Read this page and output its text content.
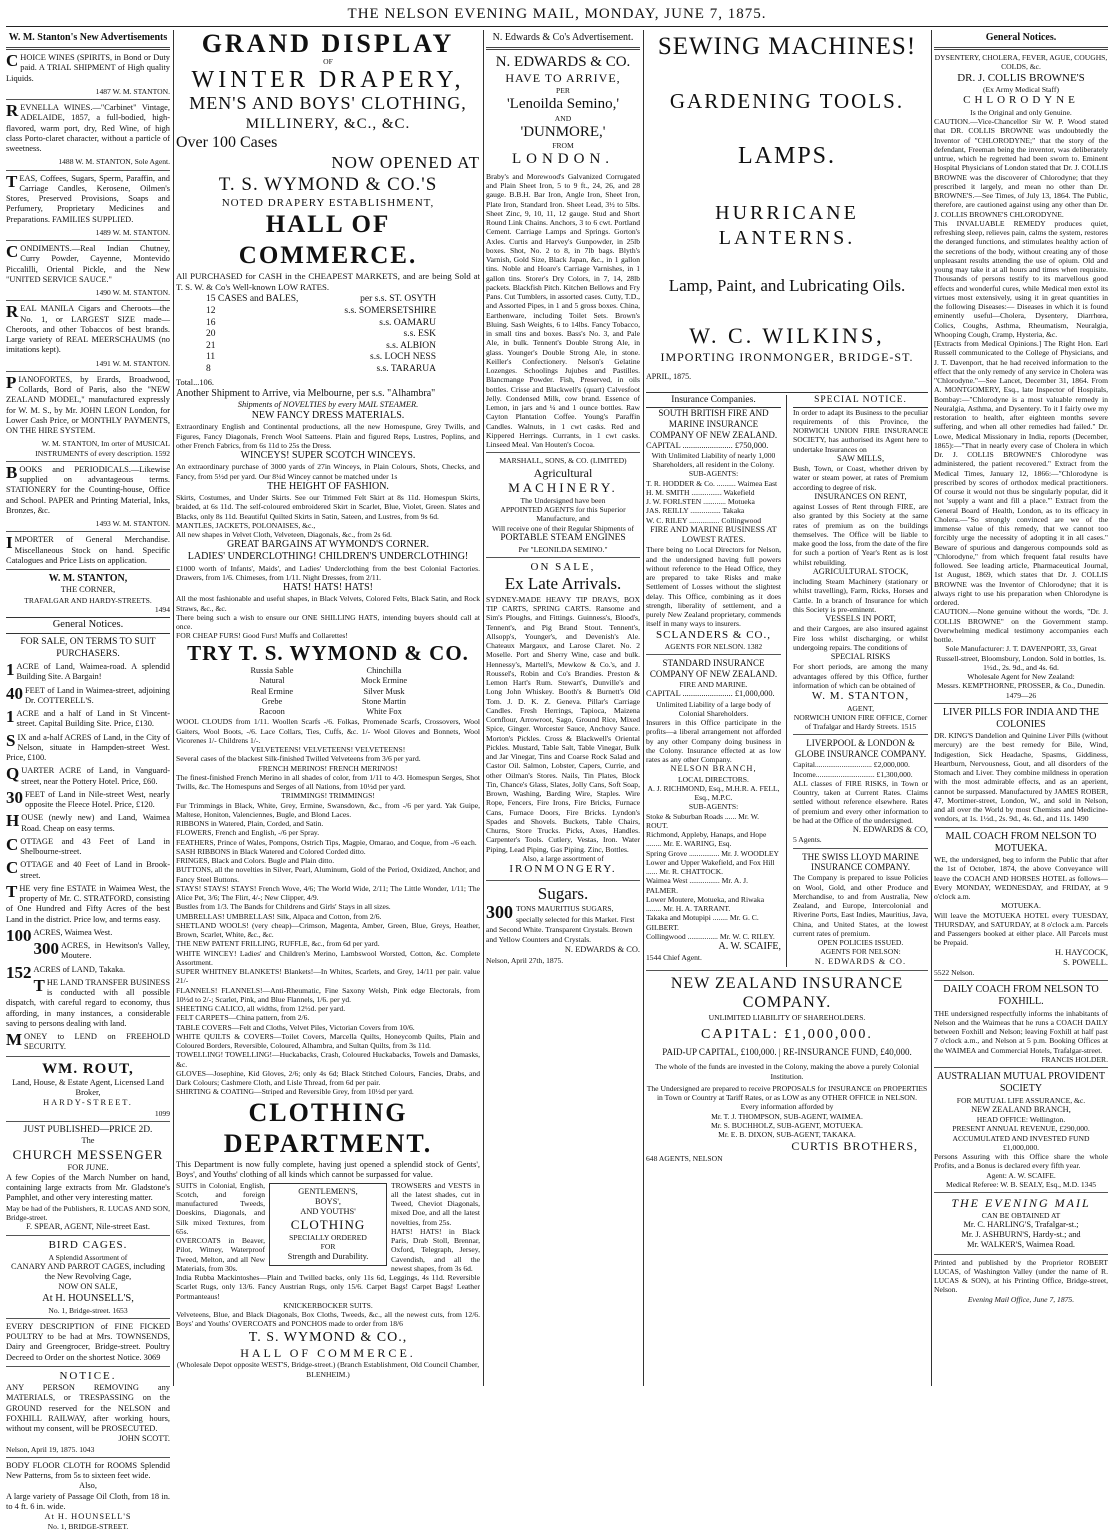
THE NELSON EVENING MAIL, MONDAY, JUNE 7, 1875.
W. M. Stanton's New Advertisements
CHOICE WINES (SPIRITS, in Bond or Duty paid. A TRIAL SHIPMENT of High quality Liquids.
1487 W. M. STANTON.
REVNELLA WINES.—"Carbinet" Vintage, ADELAIDE, 1857, a full-bodied, high-flavored, warm port, dry, Red Wine, of high class Porto-claret character, without a particle of sweetness.
1488 W. M. STANTON, Sole Agent.
TEAS, Coffees, Sugars, Sperm, Paraffin, and Carriage Candles, Kerosene, Oilmen's Stores, Preserved Provisions, Soaps and Perfumery, Proprietary Medicines and Preparations. FAMILIES SUPPLIED.
1489 W. M. STANTON.
CONDIMENTS.—Real Indian Chutney, Curry Powder, Cayenne, Montevido Piccalilli, Oriental Pickle, and the New "UNITED SERVICE SAUCE."
1490 W. M. STANTON.
REAL MANILA Cigars and Cheroots—the No. 1, or LARGEST SIZE made—Cheroots, and other Tobaccos of best brands. Large variety of REAL MEERSCHAUMS (no imitations kept).
1491 W. M. STANTON.
PIANOFORTES, by Erards, Broadwood, Collards, Bord of Paris, also the "NEW ZEALAND MODEL," manufactured expressly for W. M. S., by Mr. JOHN LEON London, for Lower Cash Price, or MONTHLY PAYMENTS, ON THE HIRE SYSTEM.
W. M. STANTON, Im orter of MUSICAL INSTRUMENTS of every description. 1592
BOOKS and PERIODICALS.—Likewise supplied on advantageous terms. STATIONERY for the Counting-house, Office and School. PAPER and Printing Material, Inks, Bronzes, &c.
1493 W. M. STANTON.
IMPORTER of General Merchandise. Miscellaneous Stock on hand. Specific Catalogues and Price Lists on application.
W. M. STANTON,
THE CORNER,
TRAFALGAR AND HARDY-STREETS.
1494
General Notices.
FOR SALE, ON TERMS TO SUIT PURCHASERS.
1 ACRE of Land, Waimea-road. A splendid Building Site. A Bargain!
40 FEET of Land in Waimea-street, adjoining Dr. COTTERELL'S.
1 ACRE and a half of Land in St Vincent-street. Capital Building Site. Price, £130.
SIX and a-half ACRES of Land, in the City of Nelson, situate in Hampden-street West. Price, £100.
QUARTER ACRE of Land, in Vanguard-street, near the Pottery Hotel. Price, £60.
30 FEET of Land in Nile-street West, nearly opposite the Fleece Hotel. Price, £120.
HOUSE (newly new) and Land, Waimea Road. Cheap on easy terms.
COTTAGE and 43 Feet of Land in Shelbourne-street.
COTTAGE and 40 Feet of Land in Brook-street.
THE very fine ESTATE in Waimea West, the property of Mr. C. STRATFORD, consisting of One Hundred and Fifty Acres of the best Land in the district. Price low, and terms easy.
100 ACRES, Waimea West.
300 ACRES, in Hewitson's Valley, Moutere.
152 ACRES of LAND, Takaka.
THE LAND TRANSFER BUSINESS is conducted with all possible dispatch, with careful regard to economy, thus affording, in many instances, a considerable saving to persons dealing with land.
MONEY to LEND on FREEHOLD SECURITY.
WM. ROUT,
Land, House, & Estate Agent, Licensed Land Broker,
HARDY-STREET.
1099
JUST PUBLISHED—PRICE 2D.
The
CHURCH MESSENGER
FOR JUNE.
A few Copies of the March Number on hand, containing large extracts from Mr. Gladstone's Pamphlet, and other very interesting matter.
May be had of the Publishers, R. LUCAS AND SON, Bridge-street.
F. SPEAR, AGENT, Nile-street East.
BIRD CAGES.
A Splendid Assortment of
CANARY AND PARROT CAGES, including the New Revolving Cage,
NOW ON SALE,
At H. HOUNSELL'S,
No. 1, Bridge-street. 1653
EVERY DESCRIPTION of FINE FICKED POULTRY to be had at Mrs. TOWNSENDS, Dairy and Greengrocer, Bridge-street. Poultry Decreed to Order on the shortest Notice. 3069
NOTICE.
ANY PERSON REMOVING any MATERIALS, or TRESPASSING on the GROUND reserved for the NELSON and FOXHILL RAILWAY, after working hours, without my consent, will be PROSECUTED.
JOHN SCOTT.
Nelson, April 19, 1875. 1043
BODY FLOOR CLOTH for ROOMS Splendid New Patterns, from 5s to sixteen feet wide.
Also,
A large variety of Passage Oil Cloth, from 18 in. to 4 ft. 6 in. wide.
At H. HOUNSELL'S
No. 1, BRIDGE-STREET.
GRAND DISPLAY
OF
WINTER DRAPERY,
MEN'S AND BOYS' CLOTHING,
MILLINERY, &C., &C.
Over 100 Cases
NOW OPENED AT
T. S. WYMOND & CO.'S
NOTED DRAPERY ESTABLISHMENT,
HALL OF COMMERCE.
All PURCHASED for CASH in the CHEAPEST MARKETS, and are being Sold at T. S. W. & Co's Well-known LOW RATES.
15 CASES and BALES,	per s.s. ST. OSYTH
12	s.s. SOMERSETSHIRE
16	s.s. OAMARU
20	s.s. ESK
21	s.s. ALBION
11	s.s. LOCH NESS
8	s.s. TARARUA
Total...106.
Another Shipment to Arrive, via Melbourne, per s.s. "Alhambra"
Shipments of NOVELTIES by every MAIL STEAMER.
NEW FANCY DRESS MATERIALS.
Extraordinary English and Continental productions, all the new Homespune, Grey Twills, and Figures, Fancy Diagonals, French Wool Satteens. Plain and figured Reps, Lustres, Poplins, and other French Fabrics, from 6s 11d to 25s the Dress.
WINCEYS! SUPER SCOTCH WINCEYS.
An extraordinary purchase of 3000 yards of 27in Winceys, in Plain Colours, Shots, Checks, and Fancy, from 5½d per yard. Our 8¼d Wincey cannot be matched under 1s
THE HEIGHT OF FASHION.
Skirts, Costumes, and Under Skirts. See our Trimmed Felt Skirt at 8s 11d. Homespun Skirts, braided, at 6s 11d. The self-coloured embroidered Skirt in Scarlet, Blue, Violet, Green. Slates and Blacks, only 8s 11d. Beautiful Quilted Skirts in Satin, Sateen, and Lustres, from 9s 6d.
MANTLES, JACKETS, POLONAISES, &c.,
All new shapes in Velvet Cloth, Velveteen, Diagonals, &c., from 2s 6d.
GREAT BARGAINS AT WYMOND'S CORNER.
LADIES' UNDERCLOTHING! CHILDREN'S UNDERCLOTHING!
£1000 worth of Infants', Maids', and Ladies' Underclothing from the best Colonial Factories. Drawers, from 1/6. Chimeses, from 1/11. Night Dresses, from 2/11.
HATS! HATS! HATS!
All the most fashionable and useful shapes, in Black Velvets, Colored Felts, Black Satin, and Rock Straws, &c., &c.
There being such a wish to ensure our ONE SHILLING HATS, intending buyers should call at once.
FOR CHEAP FURS! Good Furs! Muffs and Collarettes!
TRY T. S. WYMOND & CO.
Russia Sable	Chinchilla
Natural	Mock Ermine
Real Ermine	Silver Musk
Grebe	Stone Martin
Racoon	White Fox
WOOL CLOUDS from 1/11. Woollen Scarfs -/6. Folkas, Promenade Scarfs, Crossovers, Wool Gaiters, Wool Boots, -/6. Lace Collars, Ties, Cuffs, &c. 1/- Wool Gloves and Bonnets, Wool Vicorenes 1/- Childrens 1/-.
VELVETEENS! VELVETEENS! VELVETEENS!
Several cases of the blackest Silk-finished Twilled Velveteens from 3/6 per yard.
FRENCH MERINOS! FRENCH MERINOS!
The finest-finished French Merino in all shades of color, from 1/11 to 4/3. Homespun Serges, Shot Twills, &c. The Homespuns and Serges of all Nations, from 10½d per yard.
TRIMMINGS! TRIMMINGS!
Fur Trimmings in Black, White, Grey, Ermine, Swansdown, &c., from -/6 per yard. Yak Guipe, Maltese, Honiton, Valenciennes, Bugle, and Blond Laces.
RIBBONS in Watered, Plain, Corded, and Satin.
FLOWERS, French and English, -/6 per Spray.
FEATHERS, Prince of Wales, Pompons, Ostrich Tips, Magpie, Omarao, and Coque, from -/6 each.
SASH RIBBONS in Black Watered and Colored Corded ditto.
FRINGES, Black and Colors. Bugle and Plain ditto.
BUTTONS, all the novelties in Silver, Pearl, Aluminum, Gold of the Period, Oxidized, Anchor, and Fancy Steel Buttons.
STAYS! STAYS! STAYS! French Wove, 4/6; The World Wide, 2/11; The Little Wonder, 1/11; The Alice Pet, 3/6; The Flirt, 4/-; New Clipper, 4/9.
Bustles from 1/3. The Bands for Childrens and Girls' Stays in all sizes.
UMBRELLAS! UMBRELLAS! Silk, Alpaca and Cotton, from 2/6.
SHETLAND WOOLS! (very cheap)—Crimson, Magenta, Amber, Green, Blue, Greys, Heather, Brown, Scarlet, White, &c., &c.
THE NEW PATENT FRILLING, RUFFLE, &c., from 6d per yard.
WHITE WINCEY! Ladies' and Children's Merino, Lambswool Worsted, Cotton, &c. Complete Assortment.
SUPER WHITNEY BLANKETS! Blankets!—In Whites, Scarlets, and Grey, 14/11 per pair. value 21/-
FLANNELS! FLANNELS!—Anti-Rheumatic, Fine Saxony Welsh, Pink edge Electorals, from 10½d to 2/-; Scarlet, Pink, and Blue Flannels, 1/6. per yd.
SHEETING CALICO, all widths, from 12½d. per yard.
FELT CARPETS—China pattern, from 2/6.
TABLE COVERS—Felt and Cloths, Velvet Piles, Victorian Covers from 10/6.
WHITE QUILTS & COVERS—Toilet Covers, Marcella Quilts, Honeycomb Quilts, Plain and Coloured Borders, Reversible, Coloured, Alhambra, and Sultan Quilts, from 3s 11d.
TOWELLING! TOWELLING!—Huckabacks, Crash, Coloured Huckabacks, Towels and Damasks, &c.
GLOVES—Josephine, Kid Gloves, 2/6; only 4s 6d; Black Stitched Colours, Fancies, Drabs, and Dark Colours; Cashmere Cloth, and Lisle Thread, from 6d per pair.
SHIRTING & COATING—Striped and Reversible Grey, from 10½d per yard.
CLOTHING DEPARTMENT.
This Department is now fully complete, having just opened a splendid stock of Gents', Boys', and Youths' clothing of all kinds which cannot be surpassed for value.
SUITS in Colonial, English, Scotch, and foreign manufactured Tweeds, Doeskins, Diagonals, and Silk mixed Textures, from 65s.
OVERCOATS in Beaver, Pilot, Witney, Waterproof Tweed, Melton, and all New Materials, from 30s.
GENTLEMEN'S,
BOYS',
AND YOUTHS'
CLOTHING
SPECIALLY ORDERED
FOR
Strength and Durability.
TROWSERS and VESTS in all the latest shades, cut in Tweed, Cheviot Diagonals, mixed Doe, and all the latest novelties, from 25s.
HATS! HATS! in Black Paris, Drab Stoll, Brennar, Oxford, Telegraph, Jersey, Cavendish, and all the newest shapes, from 3s 6d.
India Rubba Mackintoshes—Plain and Twilled backs, only 11s 6d, Leggings, 4s 11d. Reversible Scarlet Rugs, only 13/6. Fancy Austrian Rugs, only 15/6. Carpet Bags! Carpet Bags! Leather Portmanteaus!
KNICKERBOCKER SUITS.
Velveteens, Blue, and Black Diagonals, Box Cloths, Tweeds, &c., all the newest cuts, from 12/6. Boys' and Youths' OVERCOATS and PONCHOS made to order from 18/6
T. S. WYMOND & CO.,
HALL OF COMMERCE.
(Wholesale Depot opposite WEST'S, Bridge-street.) (Branch Establishment, Old Council Chamber, BLENHEIM.)
N. Edwards & Co's Advertisement.
N. EDWARDS & CO.
HAVE TO ARRIVE,
PER
'Lenoilda Semino,'
AND
'DUNMORE,'
FROM
LONDON.
Braby's and Morewood's Galvanized Corrugated and Plain Sheet Iron, 5 to 9 ft., 24, 26, and 28 gauge. B.B.H. Bar Iron, Angle Iron, Sheet Iron, Plate Iron, Standard Iron. Sheet Lead, 3½ to 5lbs. Sheet Zinc, 9, 10, 11, 12 gauge. Stud and Short Round Link Chains. Anchors, 3 to 6 cwt. Portland Cement. Carriage Lamps and Springs. Gorton's Axles. Curtis and Harvey's Gunpowder, in 25lb boxes. Shot, No. 2 to 8, in 7lb bags. Blyth's Varnish, Gold Size, Black Japan, &c., in 1 gallon tins. Noble and Hoare's Carriage Varnishes, in 1 gallon tins. Storer's Dry Colors, in 7, 14, 28lb packets. Blackfish Pitch. Kitchen Bellows and Fry Pans. Cut Tumblers, in assorted cases. Cutty, T.D., and Assorted Pipes, in 1 and 5 gross boxes. China, Earthenware, including Toilet Sets. Brown's Bluing. Sash Weights, 6 to 14lbs. Fancy Tobacco, in small tins and boxes. Bass's No. 3, and Pale Ale, in bulk. Tennent's Double Strong Ale, in glass. Younger's Double Strong Ale, in stone. Keiller's Confectionery. Nelson's Gelatine Lozenges. Schoolings Jujubes and Pastilles. Blancmange Powder. Fish, Preserved, in oils bottles. Crisse and Blackwell's (quart) Calvesfoot Jelly. Condensed Milk, cow brand. Essence of Lemon, in jars and ¼ and 1 ounce bottles. Raw Cayton Plantation Coffee. Young's Paraffin Candles. Walnuts, in 1 cwt casks. Red and Kippered Herrings. Currants, in 1 cwt casks. Linseed Meal. Van Houten's Cocoa.
MARSHALL, SONS, & CO. (LIMITED)
Agricultural
MACHINERY.
The Undersigned have been
APPOINTED AGENTS for this Superior Manufacture, and
Will receive one of their Regular Shipments of
PORTABLE STEAM ENGINES
Per "LEONILDA SEMINO."
ON SALE,
Ex Late Arrivals.
SYDNEY-MADE HEAVY TIP DRAYS, BOX TIP CARTS, SPRING CARTS. Ransome and Sim's Ploughs, and Fittings. Guinness's, Blood's, Tennent's, and Pig Brand Stout. Tennent's, Allsopp's, Younger's, and Devenish's Ale. Chateaux Margaux, and Larose Claret. No. 2 Moselle. Port and Sherry Wine, case and bulk. Hennessy's, Martell's, Mewkow & Co.'s, and J. Roussel's, Robin and Co's Brandies. Preston & Lemon Hart's Rum. Stewart's, Dunville's and Long John Whiskey. Booth's & Burnett's Old Tom. J. D. K. Z. Geneva. Pillar's Carriage Candles. Fresh Herrings, Tapioca, Maizena Cornflour, Arrowroot, Sago, Ground Rice, Mixed Spice, Ginger. Worcester Sauce, Anchovy Sauce. Morton's Pickles. Cross & Blackwell's Oriental Pickles. Mustard, Table Salt, Table Vinegar, Bulk and Jar Vinegar, Tins and Coarse Rock Salad and Castor Oil. Salmon, Lobster, Capers, Currie, and other Oilman's Stores. Nails, Tin Plates, Block Tin, Chance's Glass, Slates, Jolly Cans, Soft Soap, Brown, Washing, Barding Wire, Staples. Wire Rope, Fencers, Fire Irons, Fire Bricks, Furnace Cans, Furnace Doors, Fire Bricks. Lyndon's Spades and Shovels. Buckets, Table Chairs, Churns, Store Trucks. Picks, Axes, Handles. Carpenter's Tools. Cutlery, Vestas, Iron. Water Piping, Lead Piping, Gas Piping. Zinc, Bottles.
Also, a large assortment of
IRONMONGERY.
Sugars.
300 TONS MAURITIUS SUGARS, specially selected for this Market. First and Second White. Transparent Crystals. Brown and Yellow Counters and Crystals.
N. EDWARDS & CO.
Nelson, April 27th, 1875.
SEWING MACHINES!
GARDENING TOOLS.
LAMPS.
HURRICANE LANTERNS.
Lamp, Paint, and Lubricating Oils.
W. C. WILKINS,
IMPORTING IRONMONGER, BRIDGE-ST.
APRIL, 1875.
Insurance Companies.
SOUTH BRITISH FIRE AND MARINE INSURANCE COMPANY OF NEW ZEALAND.
CAPITAL ........................ £750,000.
With Unlimited Liability of nearly 1,000 Shareholders, all resident in the Colony.
SUB-AGENTS:
T. R. HODDER & Co. .......... Waimea East
H. M. SMITH ................ Wakefield
J. W. FORLSTEN ............ Motueka
JAS. REILLY ................ Takaka
W. C. RILEY ................ Collingwood
FIRE AND MARINE BUSINESS AT LOWEST RATES.
There being no Local Directors for Nelson, and the undersigned having full powers without reference to the Head Office, they are prepared to take Risks and make Settlement of Losses without the slightest delay. This Office, combining as it does strength, liberality of settlement, and a purely New Zealand proprietary, commends itself in many ways to insurers.
SCLANDERS & CO.,
AGENTS FOR NELSON. 1382
STANDARD INSURANCE COMPANY OF NEW ZEALAND.
FIRE AND MARINE.
CAPITAL ........................ £1,000,000.
Unlimited Liability of a large body of Colonial Shareholders.
Insurers in this Office participate in the profits—a liberal arrangement not afforded by any other Company doing business in the Colony. Insurance effected at as low rates as any other Company.
NELSON BRANCH,
LOCAL DIRECTORS.
A. J. RICHMOND, Esq., M.H.R. A. FELL, Esq., M.P.C.
SUB-AGENTS:
Stoke & Suburban Roads ...... Mr. W. ROUT.
Richmond, Appleby, Hanaps, and Hope ........ Mr. E. WARING, Esq.
Spring Grove ................ Mr. J. WOODLEY
Lower and Upper Wakefield, and Fox Hill ...... Mr. R. CHATTOCK.
Waimea West ................ Mr. A. J. PALMER.
Lower Moutere, Motueka, and Riwaka ........ Mr. H. A. TARRANT.
Takaka and Motupipi ........ Mr. G. C. GILBERT.
Collingwood ................ Mr. W. C. RILEY.
A. W. SCAIFE,
1544 Chief Agent.
SPECIAL NOTICE.
In order to adapt its Business to the peculiar requirements of this Province, the NORWICH UNION FIRE INSURANCE SOCIETY, has authorised its Agent here to undertake Insurances on
SAW MILLS,
Bush, Town, or Coast, whether driven by water or steam power, at rates of Premium according to degree of risk.
INSURANCES ON RENT,
against Losses of Rent through FIRE, are also granted by this Society at the same rates of premium as on the buildings themselves. The Office will be liable to make good the loss, from the date of the fire for such a portion of Year's Rent as is lost whilst rebuilding.
AGRICULTURAL STOCK,
including Steam Machinery (stationary or whilst travelling), Farm, Ricks, Horses and Cattle. In a branch of Insurance for which this Society is pre-eminent.
VESSELS IN PORT,
and their Cargoes, are also insured against Fire loss whilst discharging, or whilst undergoing repairs. The conditions of
SPECIAL RISKS
For short periods, are among the many advantages offered by this Office, further information of which can be obtained of
W. M. STANTON,
AGENT,
NORWICH UNION FIRE OFFICE, Corner of Trafalgar and Hardy Streets. 1515
LIVERPOOL & LONDON & GLOBE INSURANCE COMPANY.
Capital.............................. £2,000,000.
Income............................... £1,300,000.
ALL classes of FIRE RISKS, in Town or Country, taken at Current Rates. Claims settled without reference elsewhere. Rates of premium and every other information to be had at the Office of the undersigned.
N. EDWARDS & CO,
5 Agents.
THE SWISS LLOYD MARINE INSURANCE COMPANY.
The Company is prepared to issue Policies on Wool, Gold, and other Produce and Merchandise, to and from Australia, New Zealand, and Europe, Intercolonial and Riverine Ports, East Indies, Mauritius, Java, China, and United States, at the lowest current rates of premium.
OPEN POLICIES ISSUED.
AGENTS FOR NELSON:
N. EDWARDS & CO.
NEW ZEALAND INSURANCE COMPANY.
UNLIMITED LIABILITY OF SHAREHOLDERS.
CAPITAL: £1,000,000.
PAID-UP CAPITAL, £100,000. | RE-INSURANCE FUND, £40,000.
The whole of the funds are invested in the Colony, making the above a purely Colonial Institution.
The Undersigned are prepared to receive PROPOSALS for INSURANCE on PROPERTIES in Town or Country at Tariff Rates, or as LOW as any OTHER OFFICE in NELSON.
Every information afforded by
Mr. T. J. THOMPSON, SUB-AGENT, WAIMEA.
Mr. S. BUCHHOLZ, SUB-AGENT, MOTUEKA.
Mr. E. B. DIXON, SUB-AGENT, TAKAKA.
CURTIS BROTHERS,
648 AGENTS, NELSON
General Notices.
DYSENTERY, CHOLERA, FEVER, AGUE, COUGHS, COLDS, &c.
DR. J. COLLIS BROWNE'S
(Ex Army Medical Staff)
CHLORODYNE
Is the Original and only Genuine.
CAUTION.—Vice-Chancellor Sir W. P. Wood stated that DR. COLLIS BROWNE was undoubtedly the Inventor of "CHLORODYNE;" that the story of the defendant, Freeman being the inventor, was deliberately untrue, which he regretted had been sworn to. Eminent Hospital Physicians of London stated that Dr. J. COLLIS BROWNE was the discoverer of Chlorodyne; that they prescribed it largely, and mean no other than Dr. BROWNE'S.—See Times, of July 13, 1864. The Public, therefore, are cautioned against using any other than Dr. J. COLLIS BROWNE'S CHLORODYNE.
This INVALUABLE REMEDY produces quiet, refreshing sleep, relieves pain, calms the system, restores the deranged functions, and stimulates healthy action of the secretions of the body, without creating any of those unpleasant results attending the use of opium. Old and young may take it at all hours and times when requisite. Thousands of persons testify to its marvellous good effects and wonderful cures, while Medical men extol its virtues most extensively, using it in great quantities in the following Diseases:— Diseases in which it is found eminently useful—Cholera, Dysentery, Diarrhœa, Colics, Coughs, Asthma, Rheumatism, Neuralgia, Whooping Cough, Cramp, Hysteria, &c.
[Extracts from Medical Opinions.] The Right Hon. Earl Russell communicated to the College of Physicians, and J. T. Davenport, that he had received information to the effect that the only remedy of any service in Cholera was "Chlorodyne."—See Lancet, December 31, 1864. From A. MONTGOMERY, Esq., late Inspector of Hospitals, Bombay:—"Chlorodyne is a most valuable remedy in Neuralgia, Asthma, and Dysentery. To it I fairly owe my restoration to health, after eighteen months severe suffering, and when all other remedies had failed." Dr. Lowe, Medical Missionary in India, reports (December, 1865):—"That in nearly every case of Cholera in which Dr. J. COLLIS BROWNE'S Chlorodyne was administered, the patient recovered." Extract from the Medical Times, January 12, 1866:—"Chlorodyne is prescribed by scores of orthodox medical practitioners. Of course it would not thus be singularly popular, did it not 'supply a want and fill a place.'" Extract from the General Board of Health, London, as to its efficacy in Cholera.—"So strongly convinced are we of the immense value of this remedy, that we cannot too forcibly urge the necessity of adopting it in all cases." Beware of spurious and dangerous compounds sold as "Chlorodyne," from which frequent fatal results have followed. See leading article, Pharmaceutical Journal, 1st August, 1869, which states that Dr. J. COLLIS BROWNE was the Inventor of Chlorodyne; that it is always right to use his preparation when Chlorodyne is ordered.
CAUTION.—None genuine without the words, "Dr. J. COLLIS BROWNE" on the Government stamp. Overwhelming medical testimony accompanies each bottle.
Sole Manufacturer: J. T. DAVENPORT, 33, Great Russell-street, Bloomsbury, London. Sold in bottles, 1s. 1½d., 2s. 9d., and 4s. 6d.
Wholesale Agent for New Zealand:
Messrs. KEMPTHORNE, PROSSER, & Co., Dunedin. 1479—26
LIVER PILLS FOR INDIA AND THE COLONIES
DR. KING'S Dandelion and Quinine Liver Pills (without mercury) are the best remedy for Bile, Wind, Indigestion, Sick Headache, Spasms, Giddiness, Heartburn, Nervousness, Gout, and all disorders of the Stomach and Liver. They combine mildness in operation with the most admirable effects, and as an aperient, cannot be surpassed. Manufactured by JAMES ROBER, 47, Mortimer-street, London, W., and sold in Nelson, and all over the World by most Chemists and Medicine-vendors, at 1s. 1½d., 2s. 9d., 4s. 6d., and 11s. 1490
MAIL COACH FROM NELSON TO MOTUEKA.
WE, the undersigned, beg to inform the Public that after the 1st of October, 1874, the above Conveyance will leave the COACH AND HORSES HOTEL as follows— Every MONDAY, WEDNESDAY, and FRIDAY, at 9 o'clock a.m.
MOTUEKA.
Will leave the MOTUEKA HOTEL every TUESDAY, THURSDAY, and SATURDAY, at 8 o'clock a.m. Parcels and Passengers booked at either place. All Parcels must be Prepaid.
H. HAYCOCK,
S. POWELL.
5522 Nelson.
DAILY COACH FROM NELSON TO FOXHILL.
THE undersigned respectfully informs the inhabitants of Nelson and the Waimeas that he runs a COACH DAILY between Foxhill and Nelson; leaving Foxhill at half past 7 o'clock a.m., and Nelson at 5 p.m. Booking Offices at the WAIMEA and Commercial Hotels, Trafalgar-street.
FRANCIS HOLDER.
AUSTRALIAN MUTUAL PROVIDENT SOCIETY
FOR MUTUAL LIFE ASSURANCE, &c.
NEW ZEALAND BRANCH,
HEAD OFFICE: Wellington.
PRESENT ANNUAL REVENUE, £290,000.
ACCUMULATED AND INVESTED FUND £1,000,000.
Persons Assuring with this Office share the whole Profits, and a Bonus is declared every fifth year.
Agent: A. W. SCAIFE.
Medical Referee: W. B. SEALY, Esq., M.D. 1345
THE EVENING MAIL
CAN BE OBTAINED AT
Mr. C. HARLING'S, Trafalgar-st.;
Mr. J. ASHBURN'S, Hardy-st.; and
Mr. WALKER'S, Waimea Road.
Printed and published by the Proprietor ROBERT LUCAS, of Washington Valley (under the name of R. LUCAS & SON), at his Printing Office, Bridge-street, Nelson.
Evening Mail Office, June 7, 1875.
